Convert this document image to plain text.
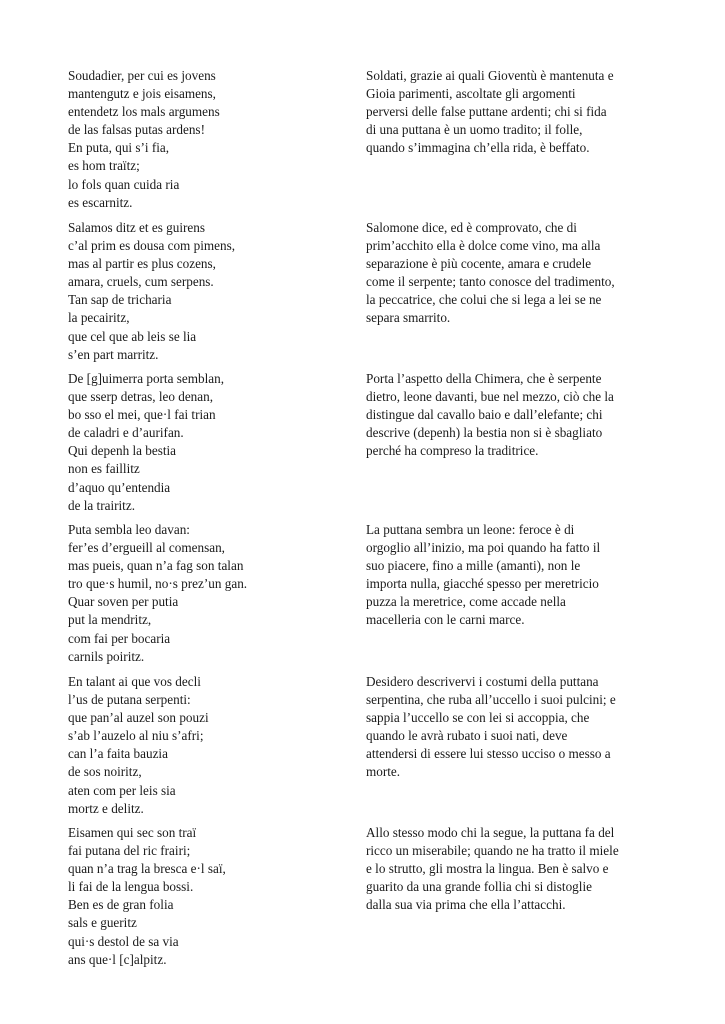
Soudadier, per cui es jovens
mantengutz e jois eisamens,
entendetz los mals argumens
de las falsas putas ardens!
En puta, qui s’i fia,
es hom traïtz;
lo fols quan cuida ria
es escarnitz.
Soldati, grazie ai quali Gioventù è mantenuta e
Gioia parimenti, ascoltate gli argomenti
perversi delle false puttane ardenti; chi si fida
di una puttana è un uomo tradito; il folle,
quando s’immagina ch’ella rida, è beffato.
Salamos ditz et es guirens
c’al prim es dousa com pimens,
mas al partir es plus cozens,
amara, cruels, cum serpens.
Tan sap de tricharia
la pecairitz,
que cel que ab leis se lia
s’en part marritz.
Salomone dice, ed è comprovato, che di
prim’acchito ella è dolce come vino, ma alla
separazione è più cocente, amara e crudele
come il serpente; tanto conosce del tradimento,
la peccatrice, che colui che si lega a lei se ne
separa smarrito.
De [g]uimerra porta semblan,
que sserp detras, leo denan,
bo sso el mei, que·l fai trian
de caladri e d’aurifan.
Qui depenh la bestia
non es faillitz
d’aquo qu’entendia
de la trairitz.
Porta l’aspetto della Chimera, che è serpente
dietro, leone davanti, bue nel mezzo, ciò che la
distingue dal cavallo baio e dall’elefante; chi
descrive (depenh) la bestia non si è sbagliato
perché ha compreso la traditrice.
Puta sembla leo davan:
fer’es d’ergueill al comensan,
mas pueis, quan n’a fag son talan
tro que·s humil, no·s prez’un gan.
Quar soven per putia
put la mendritz,
com fai per bocaria
carnils poiritz.
La puttana sembra un leone: feroce è di
orgoglio all’inizio, ma poi quando ha fatto il
suo piacere, fino a mille (amanti), non le
importa nulla, giacché spesso per meretricio
puzza la meretrice, come accade nella
macelleria con le carni marce.
En talant ai que vos decli
l’us de putana serpenti:
que pan’al auzel son pouzi
s’ab l’auzelo al niu s’afri;
can l’a faita bauzia
de sos noiritz,
aten com per leis sia
mortz e delitz.
Desidero descrivervi i costumi della puttana
serpentina, che ruba all’uccello i suoi pulcini; e
sappia l’uccello se con lei si accoppia, che
quando le avrà rubato i suoi nati, deve
attendersi di essere lui stesso ucciso o messo a
morte.
Eisamen qui sec son traï
fai putana del ric frairi;
quan n’a trag la bresca e·l saï,
li fai de la lengua bossi.
Ben es de gran folia
sals e gueritz
qui·s destol de sa via
ans que·l [c]alpitz.
Allo stesso modo chi la segue, la puttana fa del
ricco un miserabile; quando ne ha tratto il miele
e lo strutto, gli mostra la lingua. Ben è salvo e
guarito da una grande follia chi si distoglie
dalla sua via prima che ella l’attacchi.
